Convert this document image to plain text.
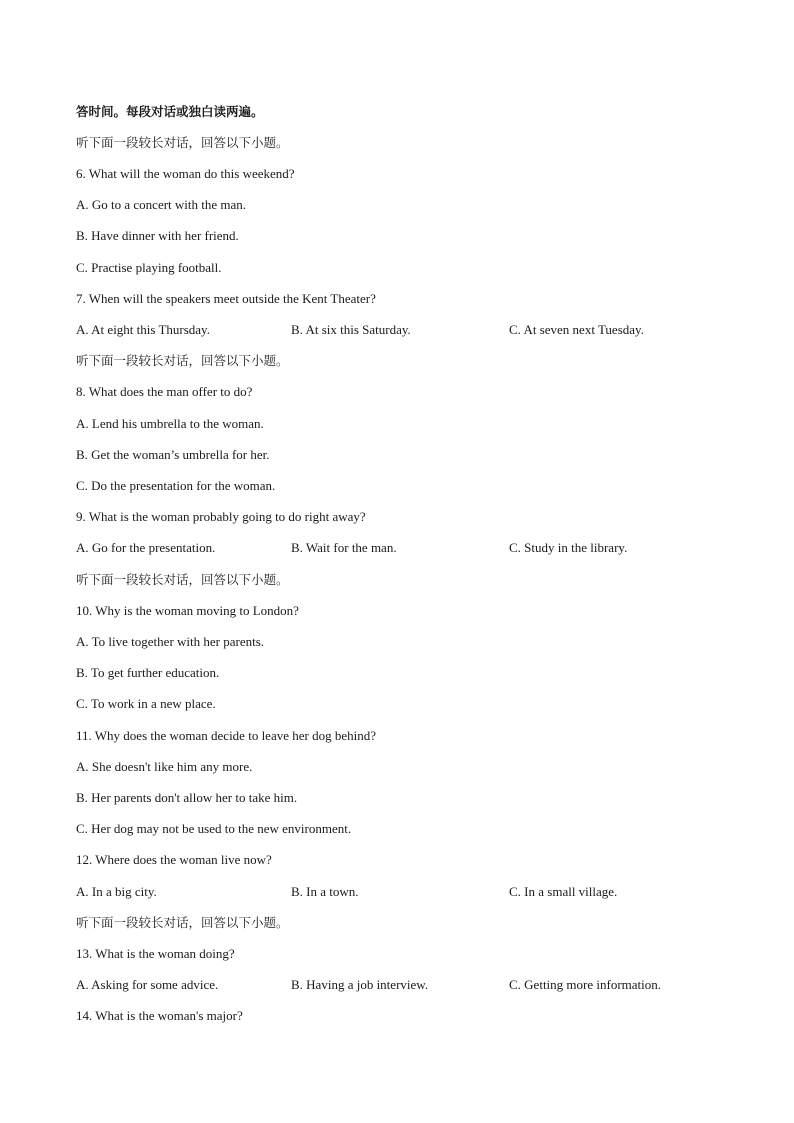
答时间。每段对话或独白读两遍。
听下面一段较长对话，回答以下小题。
6. What will the woman do this weekend?
A. Go to a concert with the man.
B. Have dinner with her friend.
C. Practise playing football.
7. When will the speakers meet outside the Kent Theater?
A. At eight this Thursday.	B. At six this Saturday.	C. At seven next Tuesday.
听下面一段较长对话，回答以下小题。
8. What does the man offer to do?
A. Lend his umbrella to the woman.
B. Get the woman’s umbrella for her.
C. Do the presentation for the woman.
9. What is the woman probably going to do right away?
A. Go for the presentation.	B. Wait for the man.	C. Study in the library.
听下面一段较长对话，回答以下小题。
10. Why is the woman moving to London?
A. To live together with her parents.
B. To get further education.
C. To work in a new place.
11. Why does the woman decide to leave her dog behind?
A. She doesn't like him any more.
B. Her parents don't allow her to take him.
C. Her dog may not be used to the new environment.
12. Where does the woman live now?
A. In a big city.	B. In a town.	C. In a small village.
听下面一段较长对话，回答以下小题。
13. What is the woman doing?
A. Asking for some advice.	B. Having a job interview.	C. Getting more information.
14. What is the woman's major?
